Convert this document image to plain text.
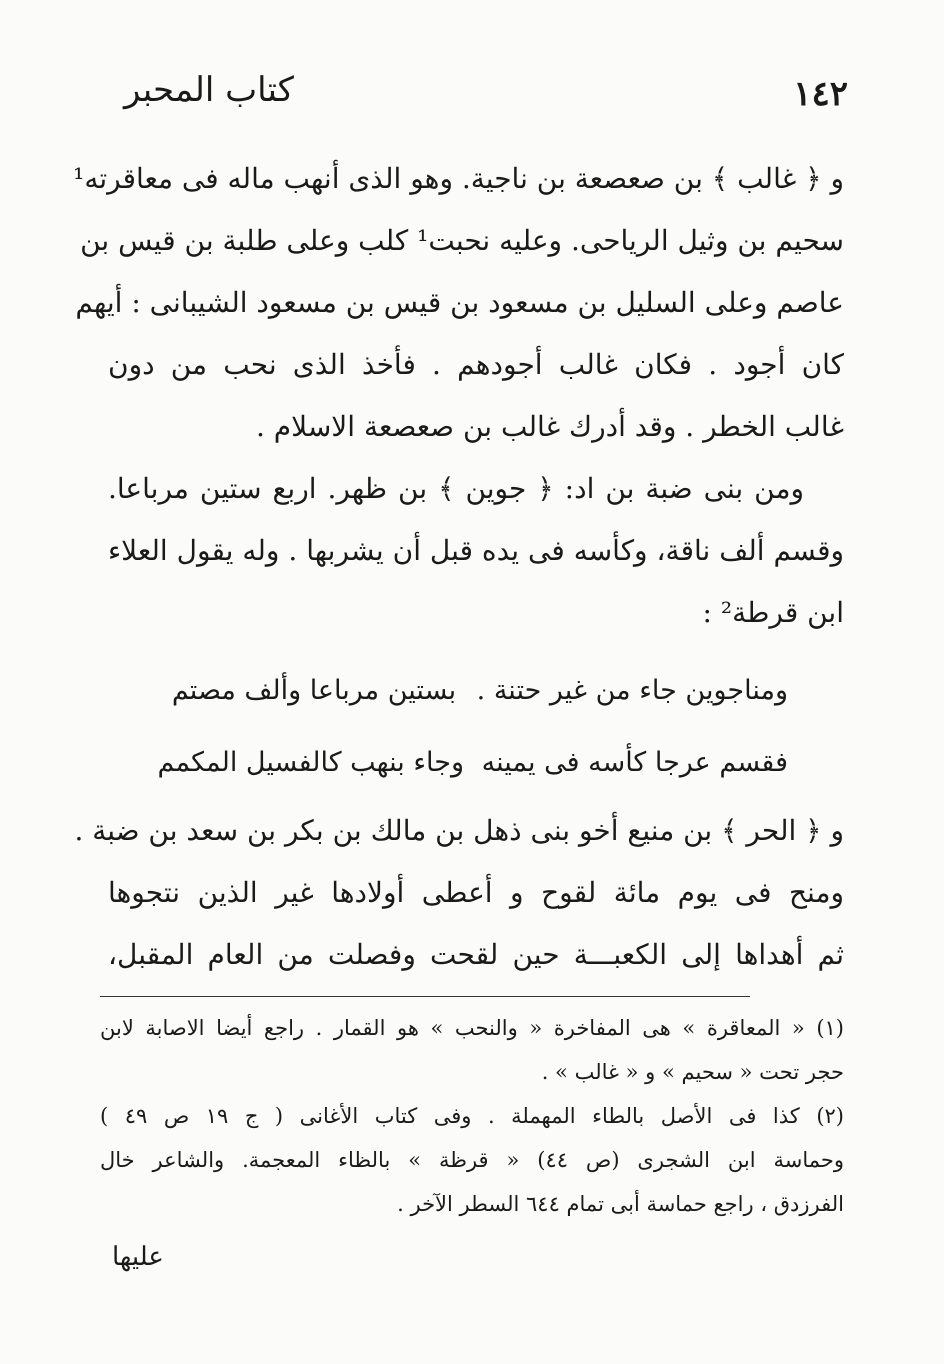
كتاب المحبر	١٤٢
و ﴿ غالب ﴾ بن صعصعة بن ناجية. وهو الذى أنهب ماله فى معاقرته¹
سحيم بن وثيل الرياحى. وعليه نحبت¹ كلب وعلى طلبة بن قيس بن
عاصم وعلى السليل بن مسعود بن قيس بن مسعود الشيبانى : أيهم
كان أجود . فكان غالب أجودهم . فأخذ الذى نحب من دون
غالب الخطر . وقد أدرك غالب بن صعصعة الاسلام .
ومن بنى ضبة بن اد: ﴿ جوين ﴾ بن ظهر. اربع ستين مرباعا.
وقسم ألف ناقة، وكأسه فى يده قبل أن يشربها . وله يقول العلاء
ابن قرطة² :
ومناجوين جاء من غير حتنة .
بستين مرباعا وألف مصتم
فقسم عرجا كأسه فى يمينه
وجاء بنهب كالفسيل المكمم
و ﴿ الحر ﴾ بن منيع أخو بنى ذهل بن مالك بن بكر بن سعد بن ضبة .
ومنح فى يوم مائة لقوح و أعطى أولادها غير الذين نتجوها
ثم أهداها إلى الكعبـــة حين لقحت وفصلت من العام المقبل،
(١) « المعاقرة » هى المفاخرة « والنحب » هو القمار . راجع أيضا الاصابة لابن
حجر تحت « سحيم » و « غالب » .
(٢) كذا فى الأصل بالطاء المهملة . وفى كتاب الأغانى ( ج ١٩ ص ٤٩ )
وحماسة ابن الشجرى (ص ٤٤) « قرظة » بالظاء المعجمة. والشاعر خال
الفرزدق ، راجع حماسة أبى تمام ٦٤٤ السطر الآخر .
عليها
